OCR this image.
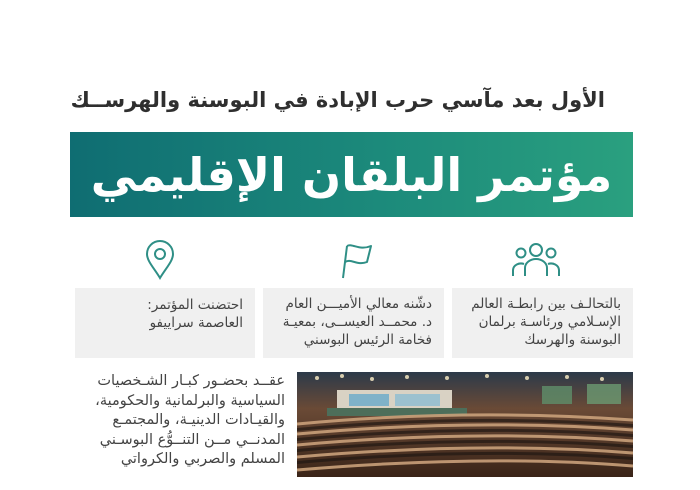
الأول بعد مآسي حرب الإبادة في البوسنة والهرســك
مؤتمر البلقان الإقليمي
بالتحالـف بين رابطـة العالم
الإسـلامي ورئاسـة برلمان
البوسنة والهرسك
دشّنه معالي الأميـــن العام
د. محمــد العيســى، بمعيـة
فخامة الرئيس البوسني
احتضنت المؤتمر:
العاصمة سراييفو
عقــد بحضـور كبـار الشـخصيات
السياسية والبرلمانية والحكومية،
والقيـادات الدينيـة، والمجتمـع
المدنــي مــن التنــوُّع البوسـني
المسلم والصربي والكرواتي
